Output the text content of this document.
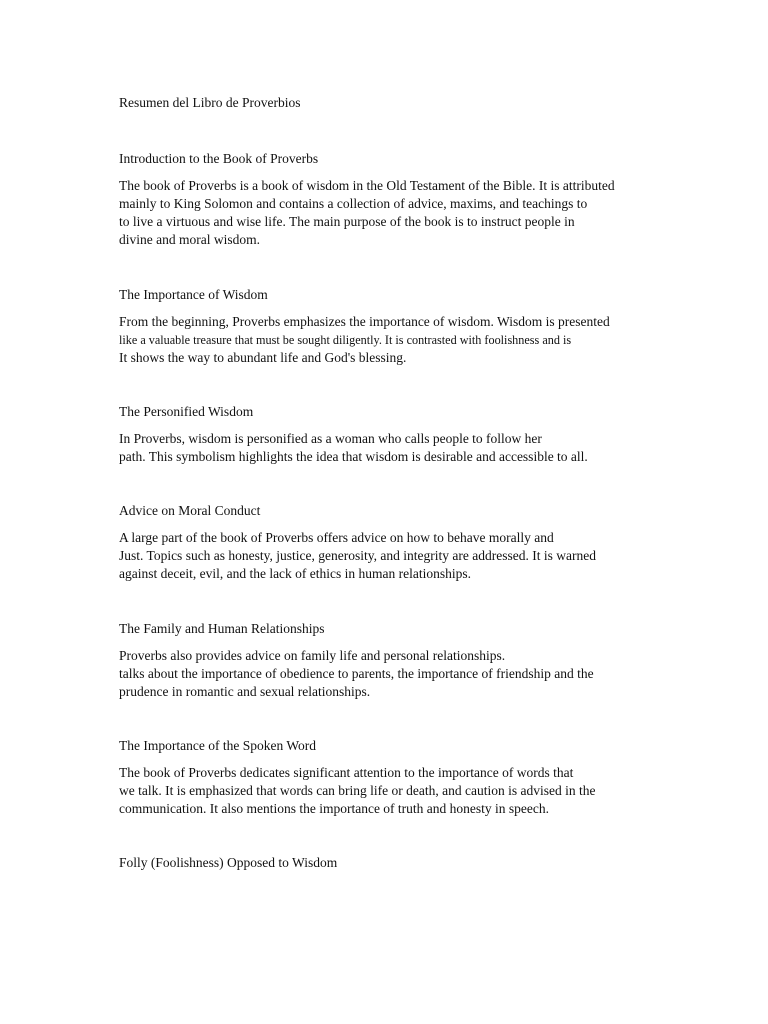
Resumen del Libro de Proverbios
Introduction to the Book of Proverbs
The book of Proverbs is a book of wisdom in the Old Testament of the Bible. It is attributed
mainly to King Solomon and contains a collection of advice, maxims, and teachings to
to live a virtuous and wise life. The main purpose of the book is to instruct people in
divine and moral wisdom.
The Importance of Wisdom
From the beginning, Proverbs emphasizes the importance of wisdom. Wisdom is presented
like a valuable treasure that must be sought diligently. It is contrasted with foolishness and is
It shows the way to abundant life and God's blessing.
The Personified Wisdom
In Proverbs, wisdom is personified as a woman who calls people to follow her
path. This symbolism highlights the idea that wisdom is desirable and accessible to all.
Advice on Moral Conduct
A large part of the book of Proverbs offers advice on how to behave morally and
Just. Topics such as honesty, justice, generosity, and integrity are addressed. It is warned
against deceit, evil, and the lack of ethics in human relationships.
The Family and Human Relationships
Proverbs also provides advice on family life and personal relationships.
talks about the importance of obedience to parents, the importance of friendship and the
prudence in romantic and sexual relationships.
The Importance of the Spoken Word
The book of Proverbs dedicates significant attention to the importance of words that
we talk. It is emphasized that words can bring life or death, and caution is advised in the
communication. It also mentions the importance of truth and honesty in speech.
Folly (Foolishness) Opposed to Wisdom
